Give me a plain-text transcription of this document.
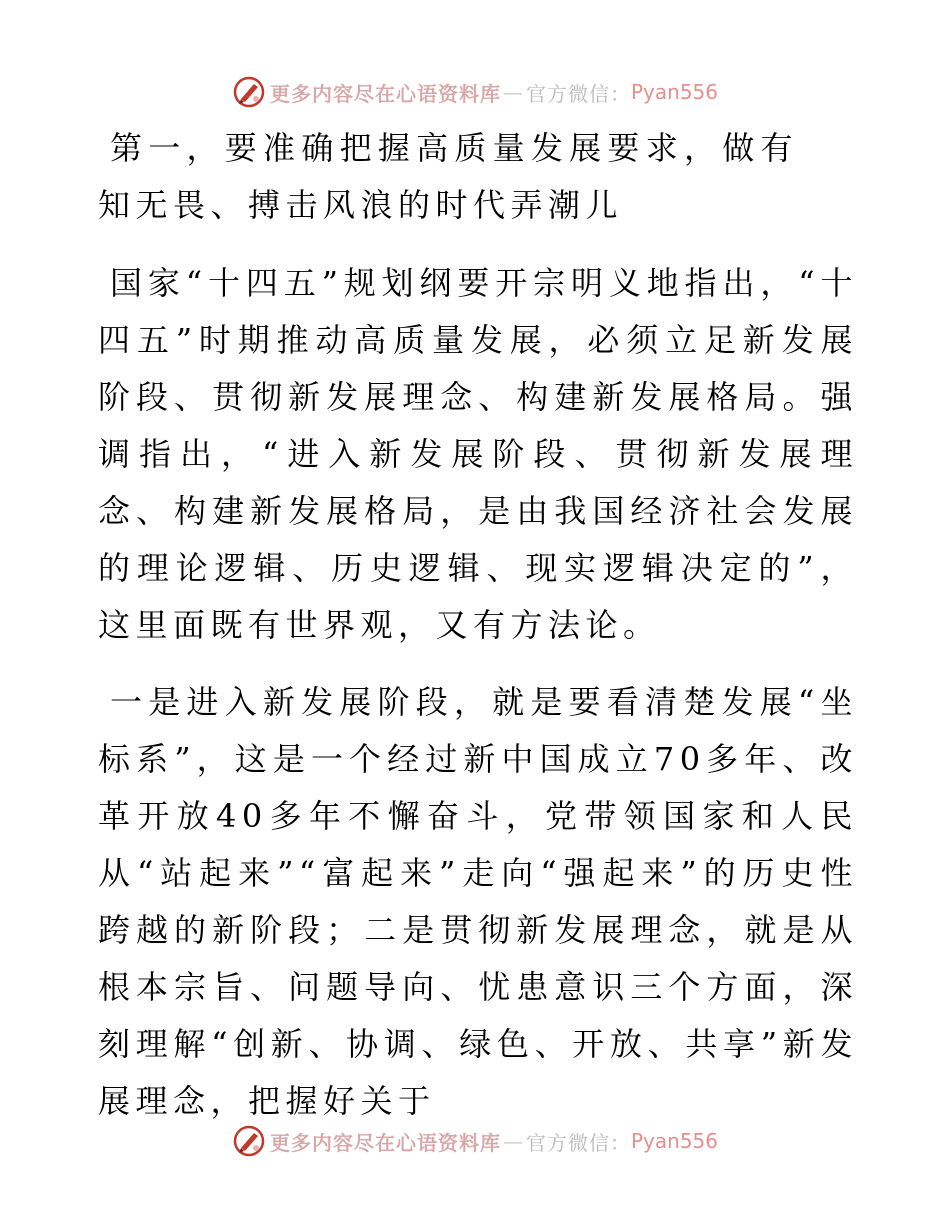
更多内容尽在心语资料库 — 官方微信： Pyan556

第一，要准确把握高质量发展要求，做有知无畏、搏击风浪的时代弄潮儿

国家“十四五”规划纲要开宗明义地指出，“十四五”时期推动高质量发展，必须立足新发展阶段、贯彻新发展理念、构建新发展格局。强调指出，“进入新发展阶段、贯彻新发展理念、构建新发展格局，是由我国经济社会发展的理论逻辑、历史逻辑、现实逻辑决定的”，这里面既有世界观，又有方法论。

一是进入新发展阶段，就是要看清楚发展“坐标系”，这是一个经过新中国成立70多年、改革开放40多年不懈奋斗，党带领国家和人民从“站起来”“富起来”走向“强起来”的历史性跨越的新阶段；二是贯彻新发展理念，就是从根本宗旨、问题导向、忧患意识三个方面，深刻理解“创新、协调、绿色、开放、共享”新发展理念，把握好关于

更多内容尽在心语资料库 — 官方微信： Pyan556
